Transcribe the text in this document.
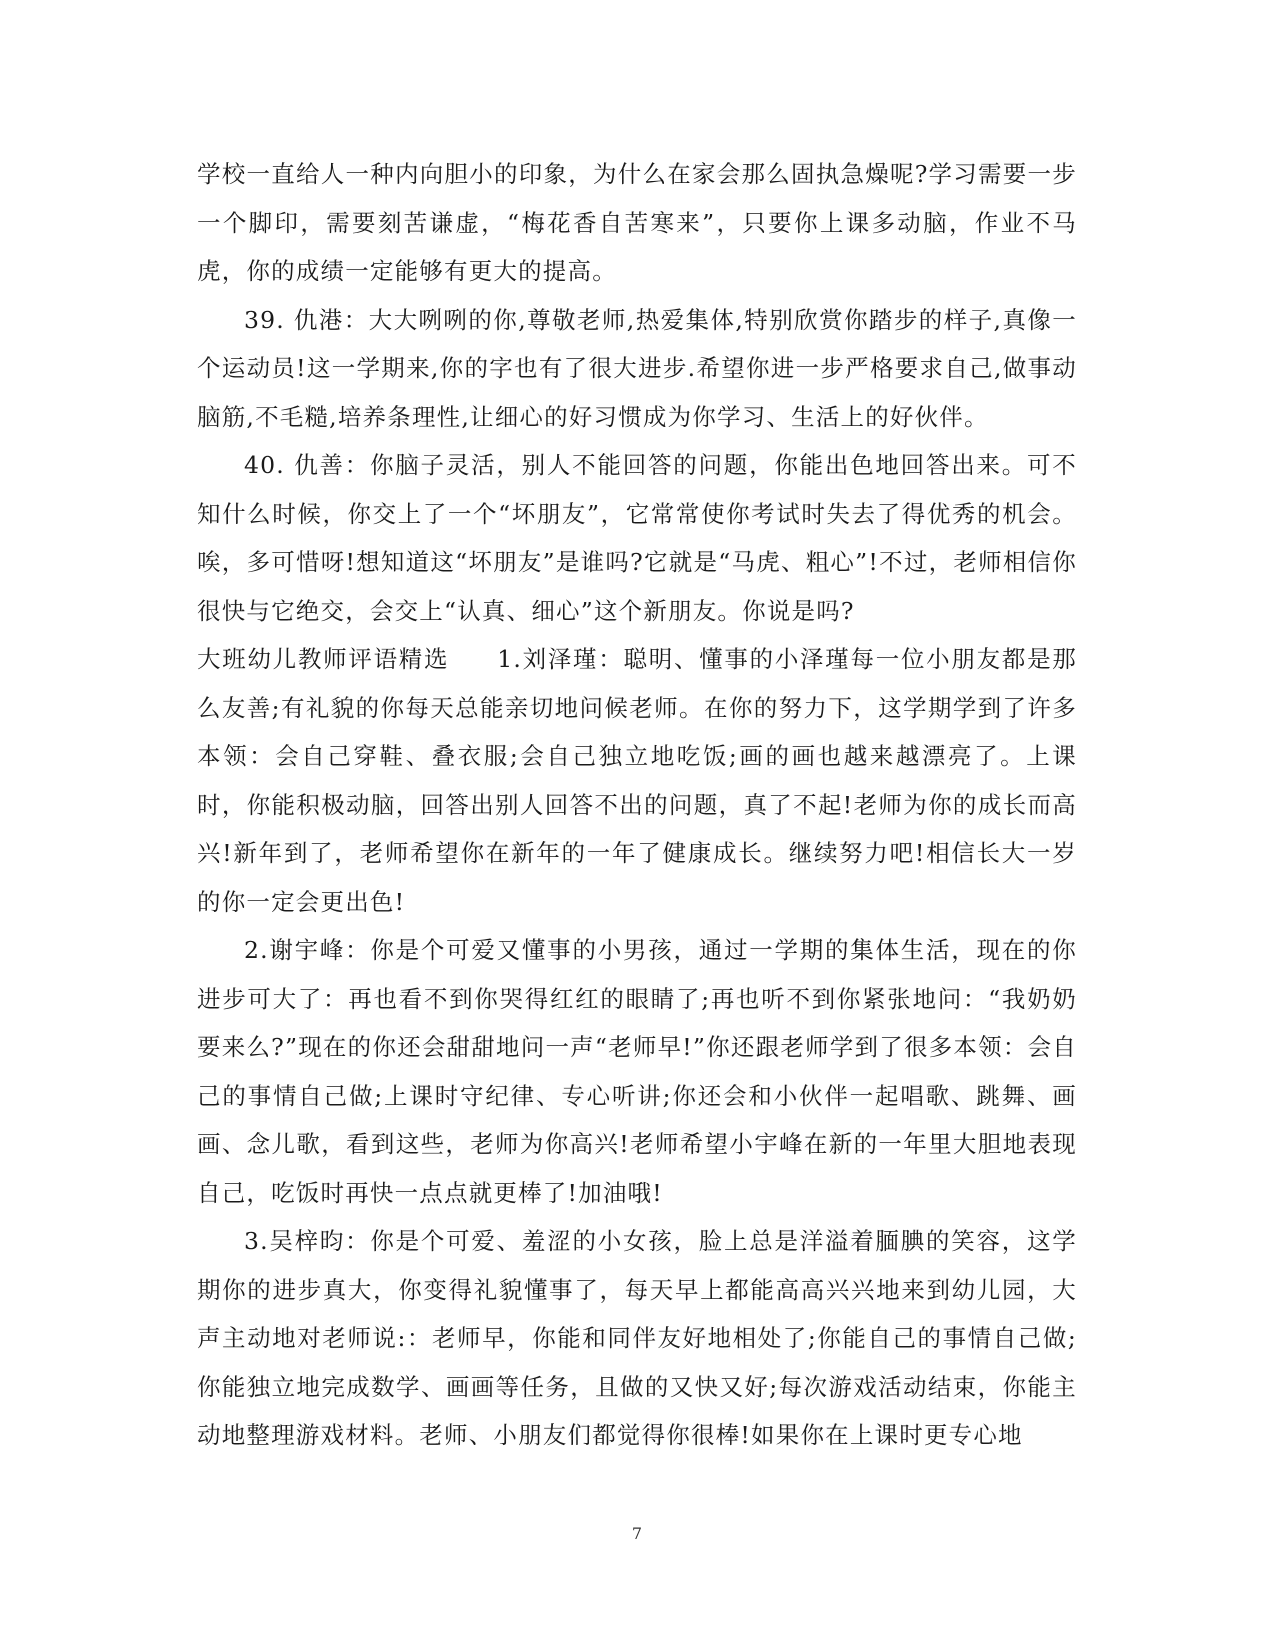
学校一直给人一种内向胆小的印象，为什么在家会那么固执急燥呢?学习需要一步一个脚印，需要刻苦谦虚，“梅花香自苦寒来”，只要你上课多动脑，作业不马虎，你的成绩一定能够有更大的提高。

39. 仇港：大大咧咧的你,尊敬老师,热爱集体,特别欣赏你踏步的样子,真像一个运动员!这一学期来,你的字也有了很大进步.希望你进一步严格要求自己,做事动脑筋,不毛糙,培养条理性,让细心的好习惯成为你学习、生活上的好伙伴。

40. 仇善：你脑子灵活，别人不能回答的问题，你能出色地回答出来。可不知什么时候，你交上了一个“坏朋友”，它常常使你考试时失去了得优秀的机会。唉，多可惜呀!想知道这“坏朋友”是谁吗?它就是“马虎、粗心”!不过，老师相信你很快与它绝交，会交上“认真、细心”这个新朋友。你说是吗?

大班幼儿教师评语精选 1.刘泽瑾：聪明、懂事的小泽瑾每一位小朋友都是那么友善;有礼貌的你每天总能亲切地问候老师。在你的努力下，这学期学到了许多本领：会自己穿鞋、叠衣服;会自己独立地吃饭;画的画也越来越漂亮了。上课时，你能积极动脑，回答出别人回答不出的问题，真了不起!老师为你的成长而高兴!新年到了，老师希望你在新年的一年了健康成长。继续努力吧!相信长大一岁的你一定会更出色!

2.谢宇峰：你是个可爱又懂事的小男孩，通过一学期的集体生活，现在的你进步可大了：再也看不到你哭得红红的眼睛了;再也听不到你紧张地问：“我奶奶要来么?”现在的你还会甜甜地问一声“老师早!”你还跟老师学到了很多本领：会自己的事情自己做;上课时守纪律、专心听讲;你还会和小伙伴一起唱歌、跳舞、画画、念儿歌，看到这些，老师为你高兴!老师希望小宇峰在新的一年里大胆地表现自己，吃饭时再快一点点就更棒了!加油哦!

3.吴梓昀：你是个可爱、羞涩的小女孩，脸上总是洋溢着腼腆的笑容，这学期你的进步真大，你变得礼貌懂事了，每天早上都能高高兴兴地来到幼儿园，大声主动地对老师说:：老师早，你能和同伴友好地相处了;你能自己的事情自己做;你能独立地完成数学、画画等任务，且做的又快又好;每次游戏活动结束，你能主动地整理游戏材料。老师、小朋友们都觉得你很棒!如果你在上课时更专心地

7
